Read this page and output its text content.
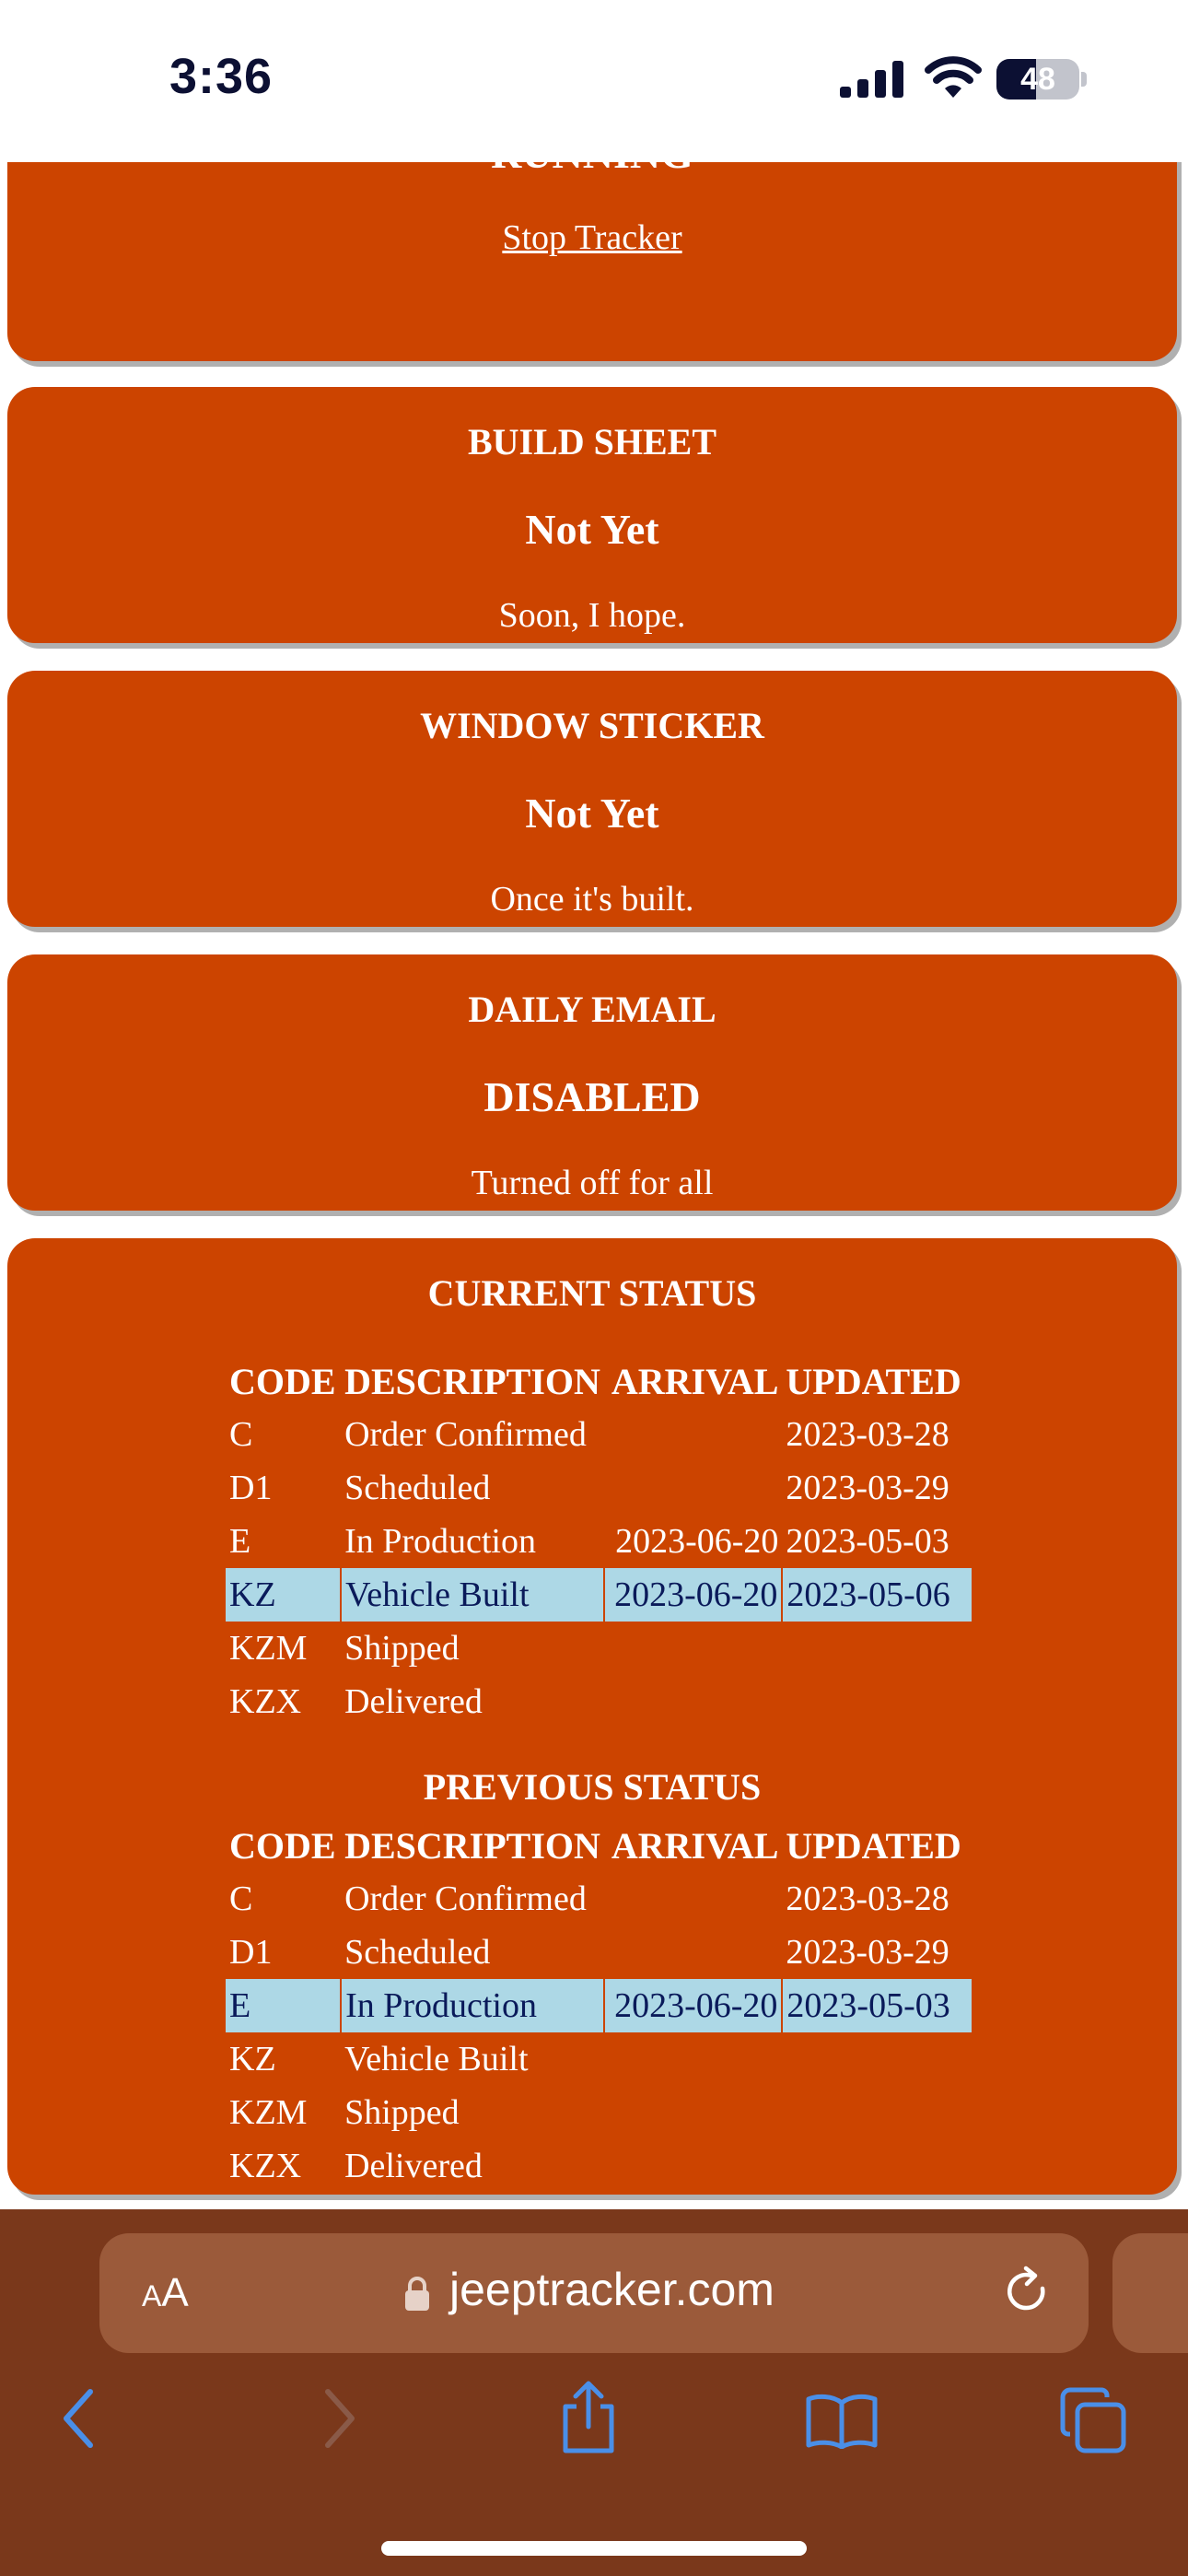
Stop Tracker
BUILD SHEET
Not Yet
Soon, I hope.
WINDOW STICKER
Not Yet
Once it's built.
DAILY EMAIL
DISABLED
Turned off for all
CURRENT STATUS
CODE	DESCRIPTION	ARRIVAL	UPDATED
C	Order Confirmed		2023-03-28
D1	Scheduled		2023-03-29
E	In Production	2023-06-20	2023-05-03
KZ	Vehicle Built	2023-06-20	2023-05-06
KZM	Shipped		
KZX	Delivered		
PREVIOUS STATUS
CODE	DESCRIPTION	ARRIVAL	UPDATED
C	Order Confirmed		2023-03-28
D1	Scheduled		2023-03-29
E	In Production	2023-06-20	2023-05-03
KZ	Vehicle Built		
KZM	Shipped		
KZX	Delivered		
3:36	48
AA	jeeptracker.com
